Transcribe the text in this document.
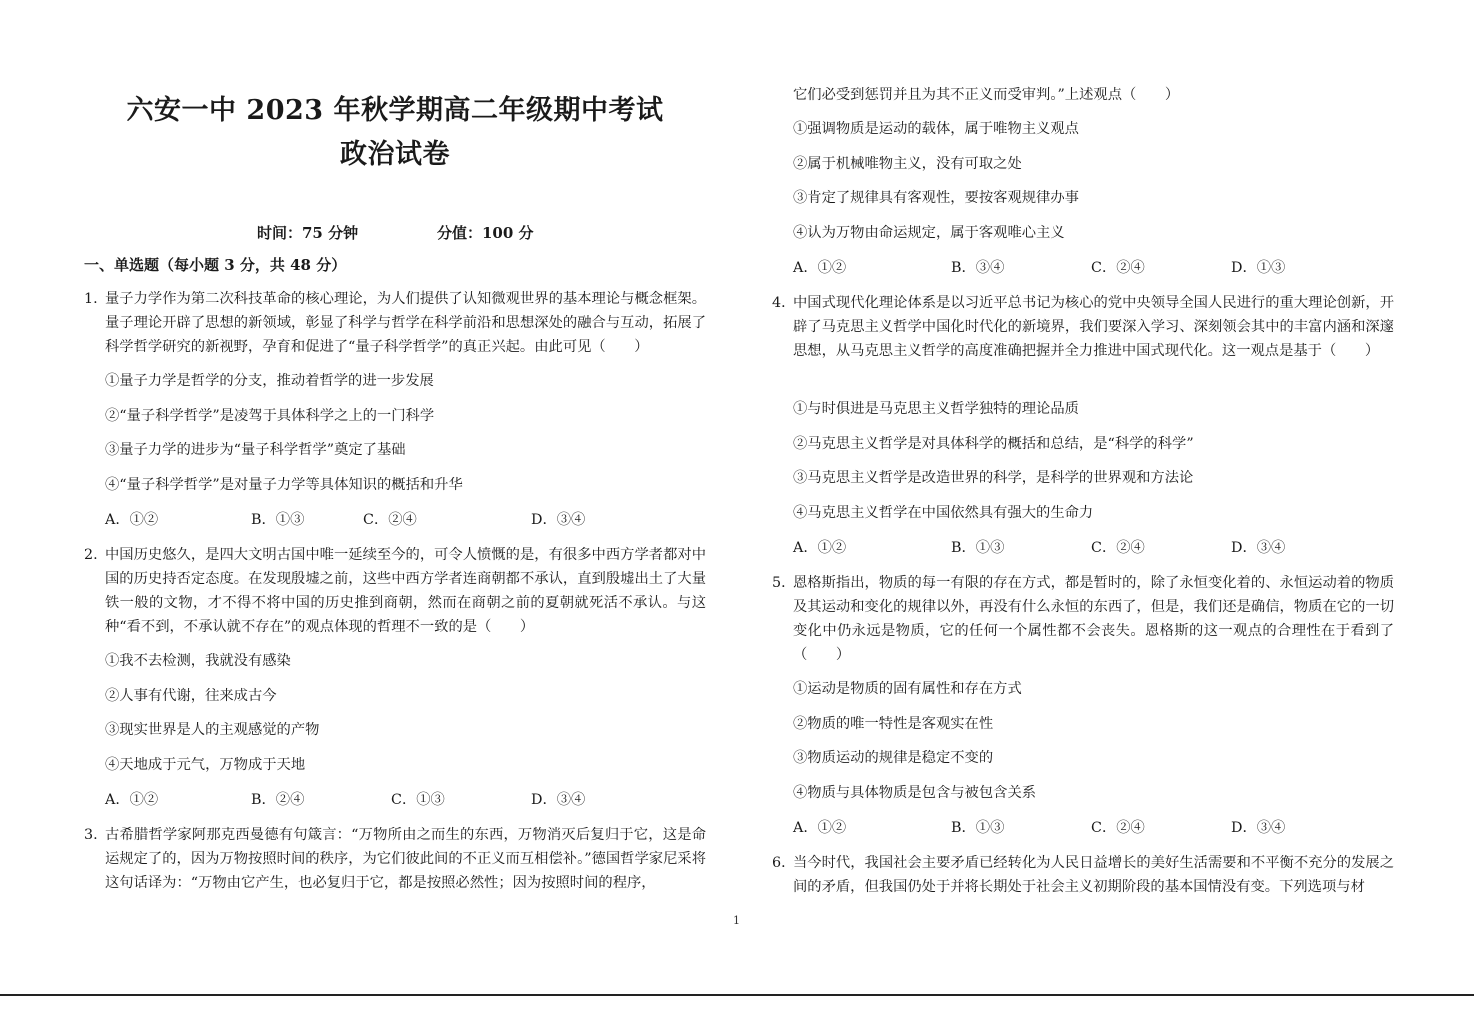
六安一中 2023 年秋学期高二年级期中考试
政治试卷
时间：75 分钟	分值：100 分
一、单选题（每小题 3 分，共 48 分）
1. 量子力学作为第二次科技革命的核心理论，为人们提供了认知微观世界的基本理论与概念框架。量子理论开辟了思想的新领域，彰显了科学与哲学在科学前沿和思想深处的融合与互动，拓展了科学哲学研究的新视野，孕育和促进了“量子科学哲学”的真正兴起。由此可见（　　）
①量子力学是哲学的分支，推动着哲学的进一步发展
②“量子科学哲学”是凌驾于具体科学之上的一门科学
③量子力学的进步为“量子科学哲学”奠定了基础
④“量子科学哲学”是对量子力学等具体知识的概括和升华
A．①②	B．①③	C．②④	D．③④
2. 中国历史悠久，是四大文明古国中唯一延续至今的，可令人愤慨的是，有很多中西方学者都对中国的历史持否定态度。在发现殷墟之前，这些中西方学者连商朝都不承认，直到殷墟出土了大量铁一般的文物，才不得不将中国的历史推到商朝，然而在商朝之前的夏朝就死活不承认。与这种“看不到，不承认就不存在”的观点体现的哲理不一致的是（　　）
①我不去检测，我就没有感染
②人事有代谢，往来成古今
③现实世界是人的主观感觉的产物
④天地成于元气，万物成于天地
A．①②	B．②④	C．①③	D．③④
3. 古希腊哲学家阿那克西曼德有句箴言：“万物所由之而生的东西，万物消灭后复归于它，这是命运规定了的，因为万物按照时间的秩序，为它们彼此间的不正义而互相偿补。”德国哲学家尼采将这句话译为：“万物由它产生，也必复归于它，都是按照必然性；因为按照时间的程序，
它们必受到惩罚并且为其不正义而受审判。”上述观点（　　）
①强调物质是运动的载体，属于唯物主义观点
②属于机械唯物主义，没有可取之处
③肯定了规律具有客观性，要按客观规律办事
④认为万物由命运规定，属于客观唯心主义
A．①②	B．③④	C．②④	D．①③
4．
中国式现代化理论体系是以习近平总书记为核心的党中央领导全国人民进行的重大理论创新，开辟了马克思主义哲学中国化时代化的新境界，我们要深入学习、深刻领会其中的丰富内涵和深邃思想，从马克思主义哲学的高度准确把握并全力推进中国式现代化。这一观点是基于（　　）
①与时俱进是马克思主义哲学独特的理论品质
②马克思主义哲学是对具体科学的概括和总结，是“科学的科学”
③马克思主义哲学是改造世界的科学，是科学的世界观和方法论
④马克思主义哲学在中国依然具有强大的生命力
A．①②	B．①③	C．②④	D．③④
5．
恩格斯指出，物质的每一有限的存在方式，都是暂时的，除了永恒变化着的、永恒运动着的物质及其运动和变化的规律以外，再没有什么永恒的东西了，但是，我们还是确信，物质在它的一切变化中仍永远是物质，它的任何一个属性都不会丧失。恩格斯的这一观点的合理性在于看到了（　　）
①运动是物质的固有属性和存在方式
②物质的唯一特性是客观实在性
③物质运动的规律是稳定不变的
④物质与具体物质是包含与被包含关系
A．①②	B．①③	C．②④	D．③④
6．
当今时代，我国社会主要矛盾已经转化为人民日益增长的美好生活需要和不平衡不充分的发展之间的矛盾，但我国仍处于并将长期处于社会主义初期阶段的基本国情没有变。下列选项与材
1
